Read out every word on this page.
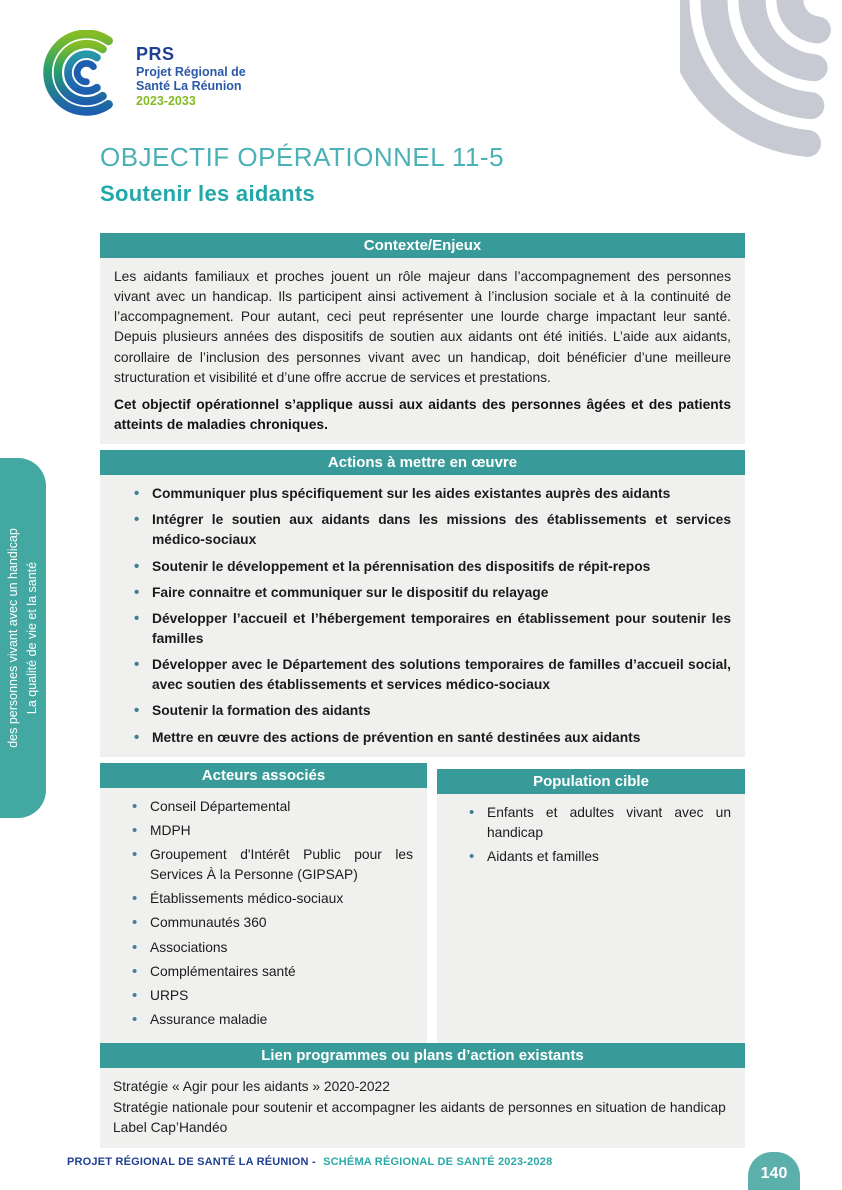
PRS
Projet Régional de
Santé La Réunion
2023-2033
des personnes vivant avec un handicap La qualité de vie et la santé
OBJECTIF OPÉRATIONNEL 11-5
Soutenir les aidants
Contexte/Enjeux

Les aidants familiaux et proches jouent un rôle majeur dans l’accompagnement des personnes vivant avec un handicap. Ils participent ainsi activement à l’inclusion sociale et à la continuité de l’accompagnement. Pour autant, ceci peut représenter une lourde charge impactant leur santé. Depuis plusieurs années des dispositifs de soutien aux aidants ont été initiés. L’aide aux aidants, corollaire de l’inclusion des personnes vivant avec un handicap, doit bénéficier d’une meilleure structuration et visibilité et d’une offre accrue de services et prestations.

Cet objectif opérationnel s’applique aussi aux aidants des personnes âgées et des patients atteints de maladies chroniques.

Actions à mettre en œuvre
• Communiquer plus spécifiquement sur les aides existantes auprès des aidants
• Intégrer le soutien aux aidants dans les missions des établissements et services médico-sociaux
• Soutenir le développement et la pérennisation des dispositifs de répit-repos
• Faire connaitre et communiquer sur le dispositif du relayage
• Développer l’accueil et l’hébergement temporaires en établissement pour soutenir les familles
• Développer avec le Département des solutions temporaires de familles d’accueil social, avec soutien des établissements et services médico-sociaux
• Soutenir la formation des aidants
• Mettre en œuvre des actions de prévention en santé destinées aux aidants
Acteurs associés
• Conseil Départemental
• MDPH
• Groupement d'Intérêt Public pour les Services À la Personne (GIPSAP)
• Établissements médico-sociaux
• Communautés 360
• Associations
• Complémentaires santé
• URPS
• Assurance maladie
Population cible
• Enfants et adultes vivant avec un handicap
• Aidants et familles
Lien programmes ou plans d’action existants
Stratégie « Agir pour les aidants » 2020-2022
Stratégie nationale pour soutenir et accompagner les aidants de personnes en situation de handicap
Label Cap’Handéo
PROJET RÉGIONAL DE SANTÉ LA RÉUNION - SCHÉMA RÉGIONAL DE SANTÉ 2023-2028
140
